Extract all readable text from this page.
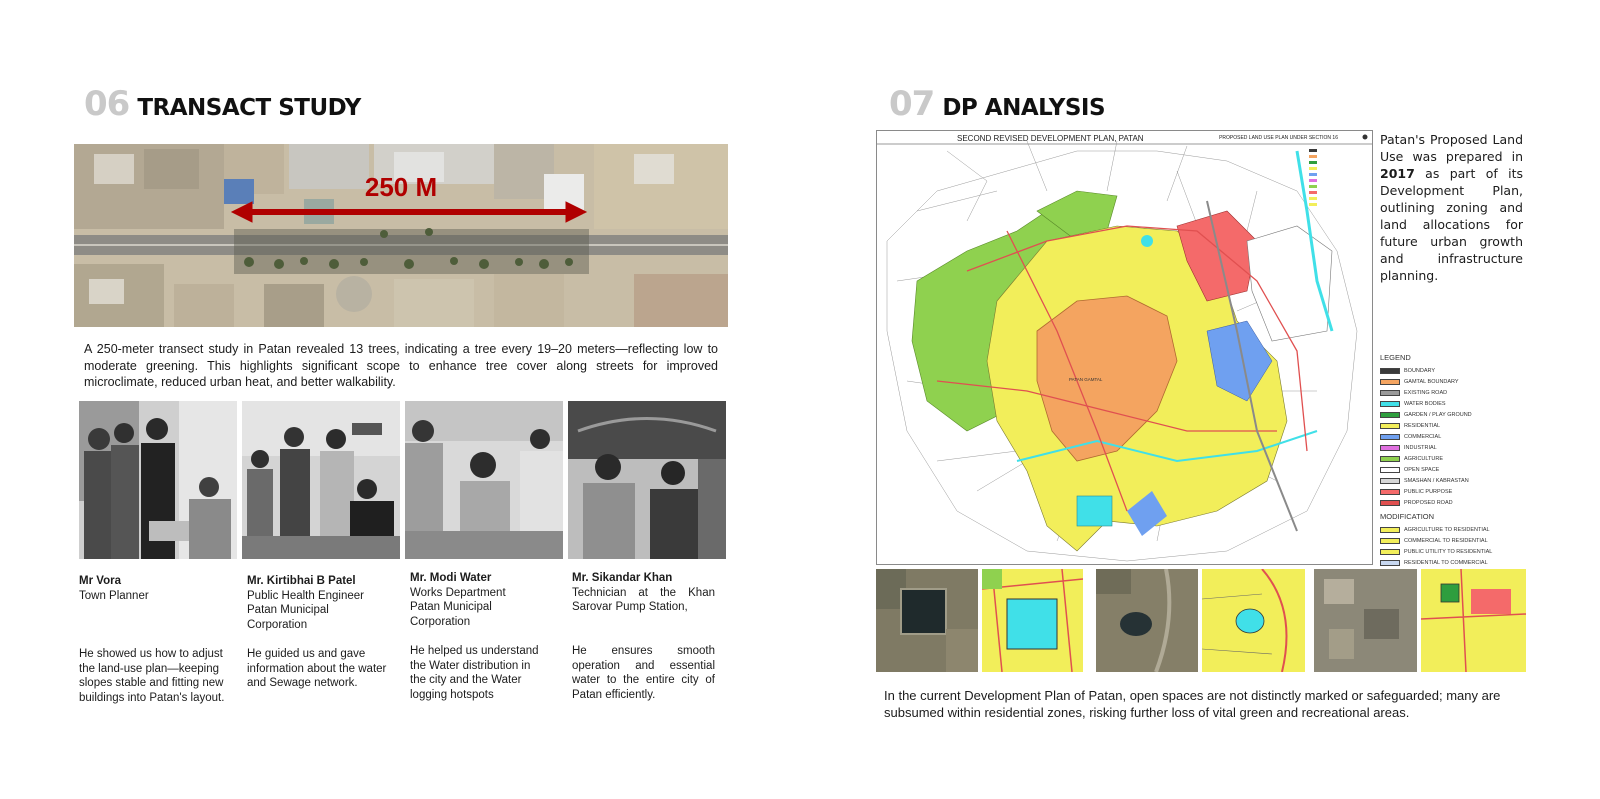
06 TRANSACT STUDY
250 M
A 250-meter transect study in Patan revealed 13 trees, indicating a tree every 19–20 meters—reflecting low to moderate greening. This highlights significant scope to enhance tree cover along streets for improved microclimate, reduced urban heat, and better walkability.
Mr Vora
Town Planner
He showed us how to adjust
the land-use plan—keeping
slopes stable and fitting new
buildings into Patan's layout.
Mr. Kirtibhai B Patel
Public Health Engineer
Patan Municipal
Corporation
He guided us and gave
information about the water
and Sewage network.
Mr. Modi Water
Works Department
Patan Municipal
Corporation
He helped us understand
the Water distribution in
the city and the Water
logging hotspots
Mr. Sikandar Khan
Technician at the Khan Sarovar Pump Station,
He ensures smooth operation and essential water to the entire city of Patan efficiently.
07 DP ANALYSIS
SECOND REVISED DEVELOPMENT PLAN, PATAN	PROPOSED LAND USE PLAN UNDER SECTION 16
PATAN GAMTAL
Patan's Proposed Land Use was prepared in 2017 as part of its Development Plan, outlining zoning and land allocations for future urban growth and infrastructure planning.
LEGEND
BOUNDARY
GAMTAL BOUNDARY
EXISTING ROAD
WATER BODIES
GARDEN / PLAY GROUND
RESIDENTIAL
COMMERCIAL
INDUSTRIAL
AGRICULTURE
OPEN SPACE
SMASHAN / KABRASTAN
PUBLIC PURPOSE
PROPOSED ROAD
MODIFICATION
AGRICULTURE TO RESIDENTIAL
COMMERCIAL TO RESIDENTIAL
PUBLIC UTILITY TO RESIDENTIAL
RESIDENTIAL TO COMMERCIAL
In the current Development Plan of Patan, open spaces are not distinctly marked or safeguarded; many are subsumed within residential zones, risking further loss of vital green and recreational areas.
